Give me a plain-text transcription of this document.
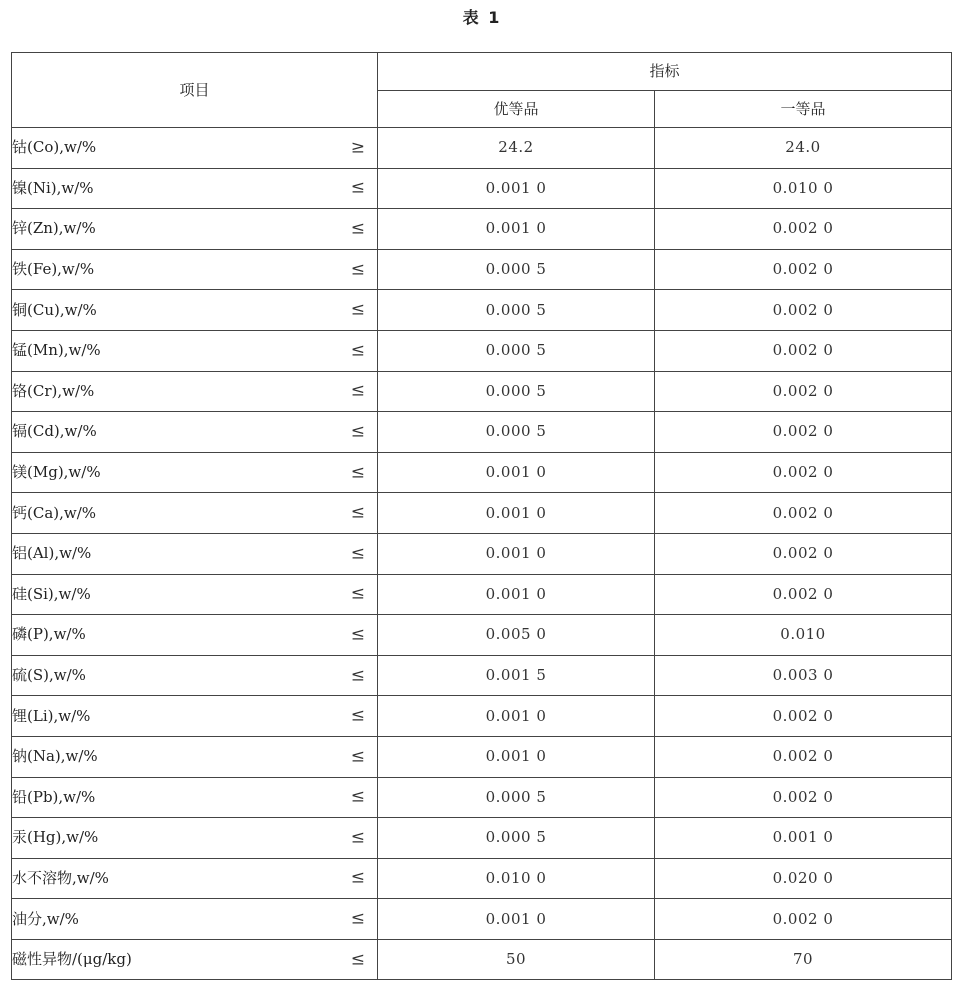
表 1
项目	指标	
	优等品	一等品
钴(Co),w/% ≥	24.2	24.0
镍(Ni),w/% ≤	0.001 0	0.010 0
锌(Zn),w/% ≤	0.001 0	0.002 0
铁(Fe),w/% ≤	0.000 5	0.002 0
铜(Cu),w/% ≤	0.000 5	0.002 0
锰(Mn),w/% ≤	0.000 5	0.002 0
铬(Cr),w/% ≤	0.000 5	0.002 0
镉(Cd),w/% ≤	0.000 5	0.002 0
镁(Mg),w/% ≤	0.001 0	0.002 0
钙(Ca),w/% ≤	0.001 0	0.002 0
铝(Al),w/% ≤	0.001 0	0.002 0
硅(Si),w/% ≤	0.001 0	0.002 0
磷(P),w/% ≤	0.005 0	0.010
硫(S),w/% ≤	0.001 5	0.003 0
锂(Li),w/% ≤	0.001 0	0.002 0
钠(Na),w/% ≤	0.001 0	0.002 0
铅(Pb),w/% ≤	0.000 5	0.002 0
汞(Hg),w/% ≤	0.000 5	0.001 0
水不溶物,w/% ≤	0.010 0	0.020 0
油分,w/% ≤	0.001 0	0.002 0
磁性异物/(μg/kg) ≤	50	70
